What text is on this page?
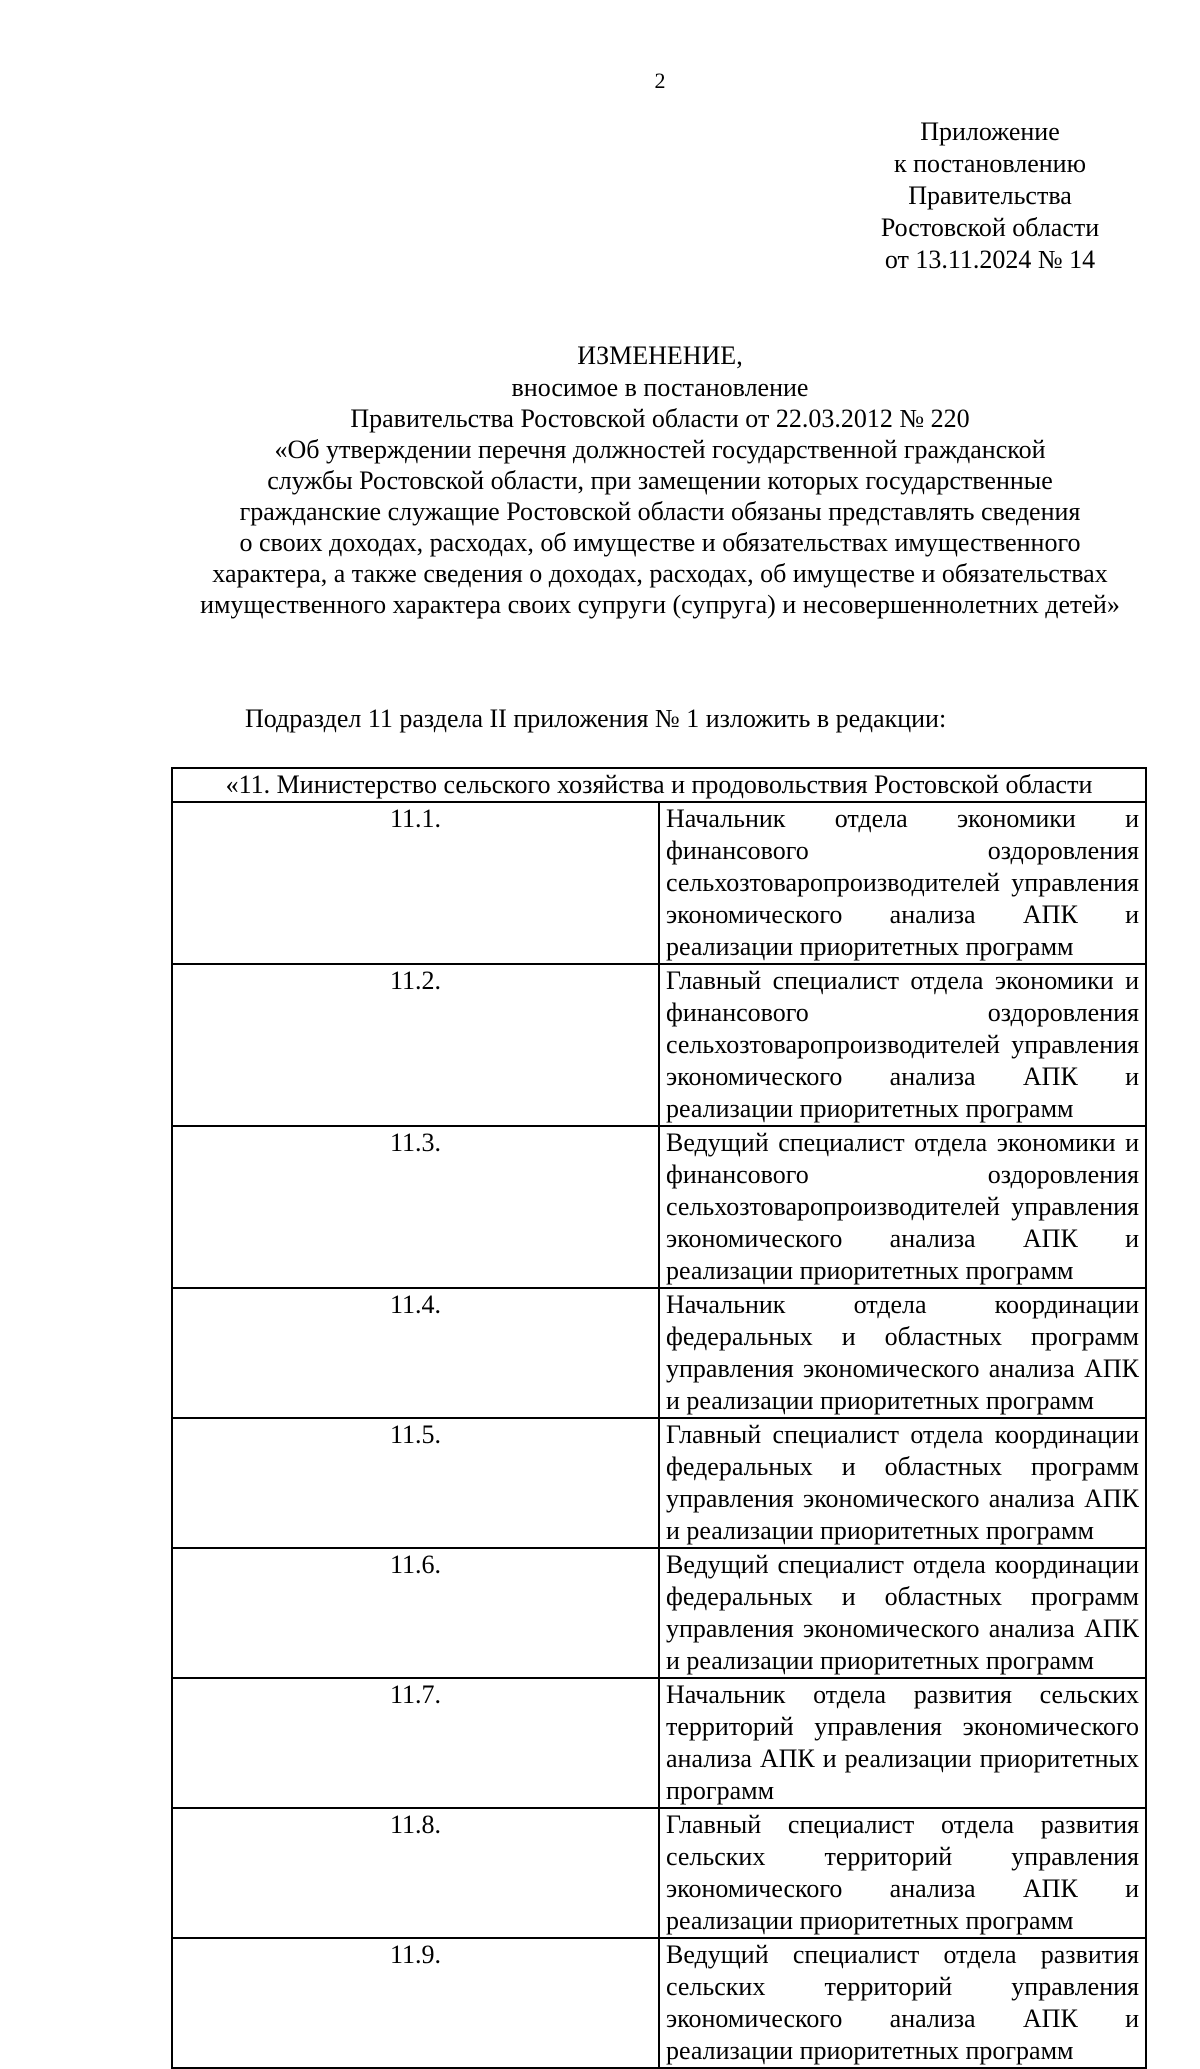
2
Приложение
к постановлению
Правительства
Ростовской области
от 13.11.2024 № 14
ИЗМЕНЕНИЕ,
вносимое в постановление
Правительства Ростовской области от 22.03.2012 № 220
«Об утверждении перечня должностей государственной гражданской
службы Ростовской области, при замещении которых государственные
гражданские служащие Ростовской области обязаны представлять сведения
о своих доходах, расходах, об имуществе и обязательствах имущественного
характера, а также сведения о доходах, расходах, об имуществе и обязательствах
имущественного характера своих супруги (супруга) и несовершеннолетних детей»
Подраздел 11 раздела II приложения № 1 изложить в редакции:
«11. Министерство сельского хозяйства и продовольствия Ростовской области	
11.1.	Начальник отдела экономики и финансового оздоровления сельхозтоваропроизводителей управления экономического анализа АПК и реализации приоритетных программ
11.2.	Главный специалист отдела экономики и финансового оздоровления сельхозтоваропроизводителей управления экономического анализа АПК и реализации приоритетных программ
11.3.	Ведущий специалист отдела экономики и финансового оздоровления сельхозтоваропроизводителей управления экономического анализа АПК и реализации приоритетных программ
11.4.	Начальник отдела координации федеральных и областных программ управления экономического анализа АПК и реализации приоритетных программ
11.5.	Главный специалист отдела координации федеральных и областных программ управления экономического анализа АПК и реализации приоритетных программ
11.6.	Ведущий специалист отдела координации федеральных и областных программ управления экономического анализа АПК и реализации приоритетных программ
11.7.	Начальник отдела развития сельских территорий управления экономического анализа АПК и реализации приоритетных программ
11.8.	Главный специалист отдела развития сельских территорий управления экономического анализа АПК и реализации приоритетных программ
11.9.	Ведущий специалист отдела развития сельских территорий управления экономического анализа АПК и реализации приоритетных программ
